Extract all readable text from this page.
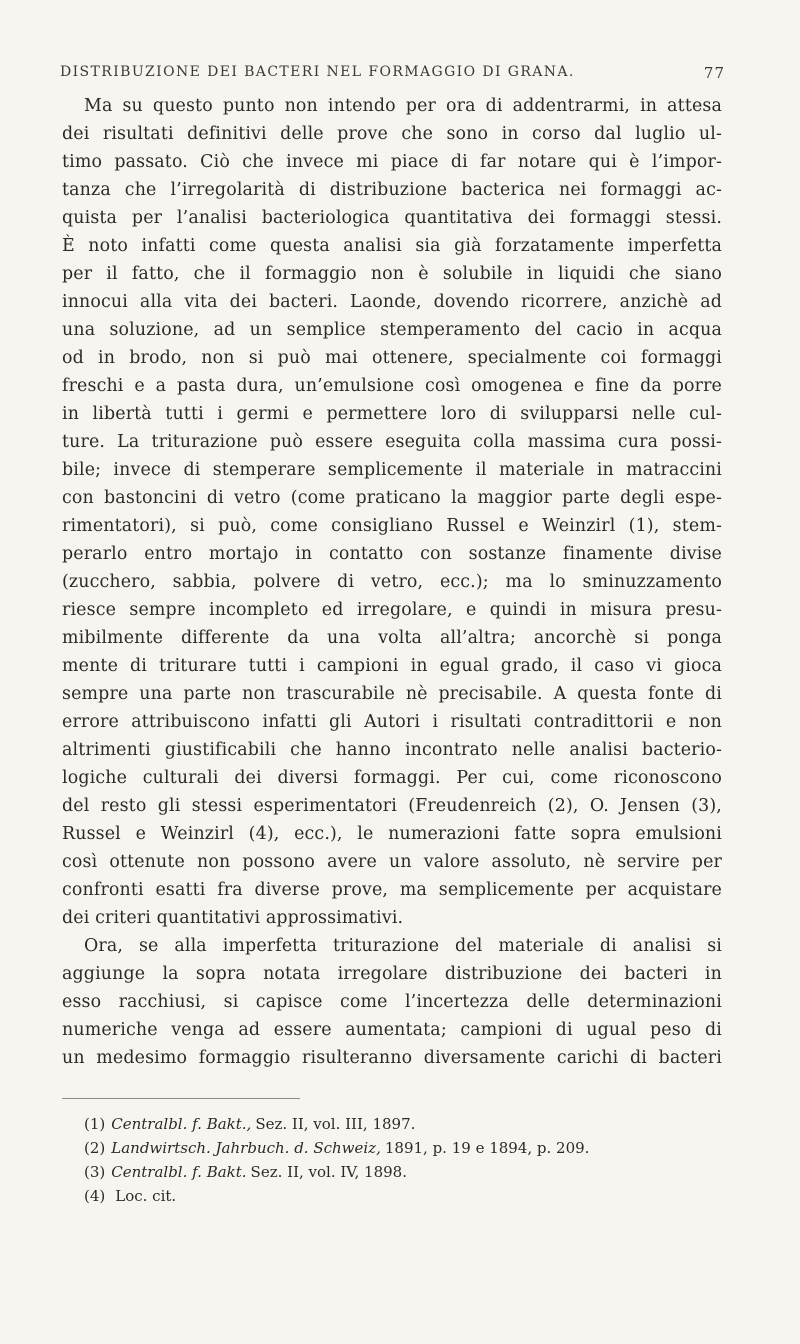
DISTRIBUZIONE DEI BACTERI NEL FORMAGGIO DI GRANA.	77
Ma su questo punto non intendo per ora di addentrarmi, in attesa
dei risultati definitivi delle prove che sono in corso dal luglio ul-
timo passato. Ciò che invece mi piace di far notare qui è l’impor-
tanza che l’irregolarità di distribuzione bacterica nei formaggi ac-
quista per l’analisi bacteriologica quantitativa dei formaggi stessi.
È noto infatti come questa analisi sia già forzatamente imperfetta
per il fatto, che il formaggio non è solubile in liquidi che siano
innocui alla vita dei bacteri. Laonde, dovendo ricorrere, anzichè ad
una soluzione, ad un semplice stemperamento del cacio in acqua
od in brodo, non si può mai ottenere, specialmente coi formaggi
freschi e a pasta dura, un’emulsione così omogenea e fine da porre
in libertà tutti i germi e permettere loro di svilupparsi nelle cul-
ture. La triturazione può essere eseguita colla massima cura possi-
bile; invece di stemperare semplicemente il materiale in matraccini
con bastoncini di vetro (come praticano la maggior parte degli espe-
rimentatori), si può, come consigliano Russel e Weinzirl (1), stem-
perarlo entro mortajo in contatto con sostanze finamente divise
(zucchero, sabbia, polvere di vetro, ecc.); ma lo sminuzzamento
riesce sempre incompleto ed irregolare, e quindi in misura presu-
mibilmente differente da una volta all’altra; ancorchè si ponga
mente di triturare tutti i campioni in egual grado, il caso vi gioca
sempre una parte non trascurabile nè precisabile. A questa fonte di
errore attribuiscono infatti gli Autori i risultati contradittorii e non
altrimenti giustificabili che hanno incontrato nelle analisi bacterio-
logiche culturali dei diversi formaggi. Per cui, come riconoscono
del resto gli stessi esperimentatori (Freudenreich (2), O. Jensen (3),
Russel e Weinzirl (4), ecc.), le numerazioni fatte sopra emulsioni
così ottenute non possono avere un valore assoluto, nè servire per
confronti esatti fra diverse prove, ma semplicemente per acquistare
dei criteri quantitativi approssimativi.
Ora, se alla imperfetta triturazione del materiale di analisi si
aggiunge la sopra notata irregolare distribuzione dei bacteri in
esso racchiusi, si capisce come l’incertezza delle determinazioni
numeriche venga ad essere aumentata; campioni di ugual peso di
un medesimo formaggio risulteranno diversamente carichi di bacteri
(1) Centralbl. f. Bakt., Sez. II, vol. III, 1897.
(2) Landwirtsch. Jahrbuch. d. Schweiz, 1891, p. 19 e 1894, p. 209.
(3) Centralbl. f. Bakt. Sez. II, vol. IV, 1898.
(4) Loc. cit.
